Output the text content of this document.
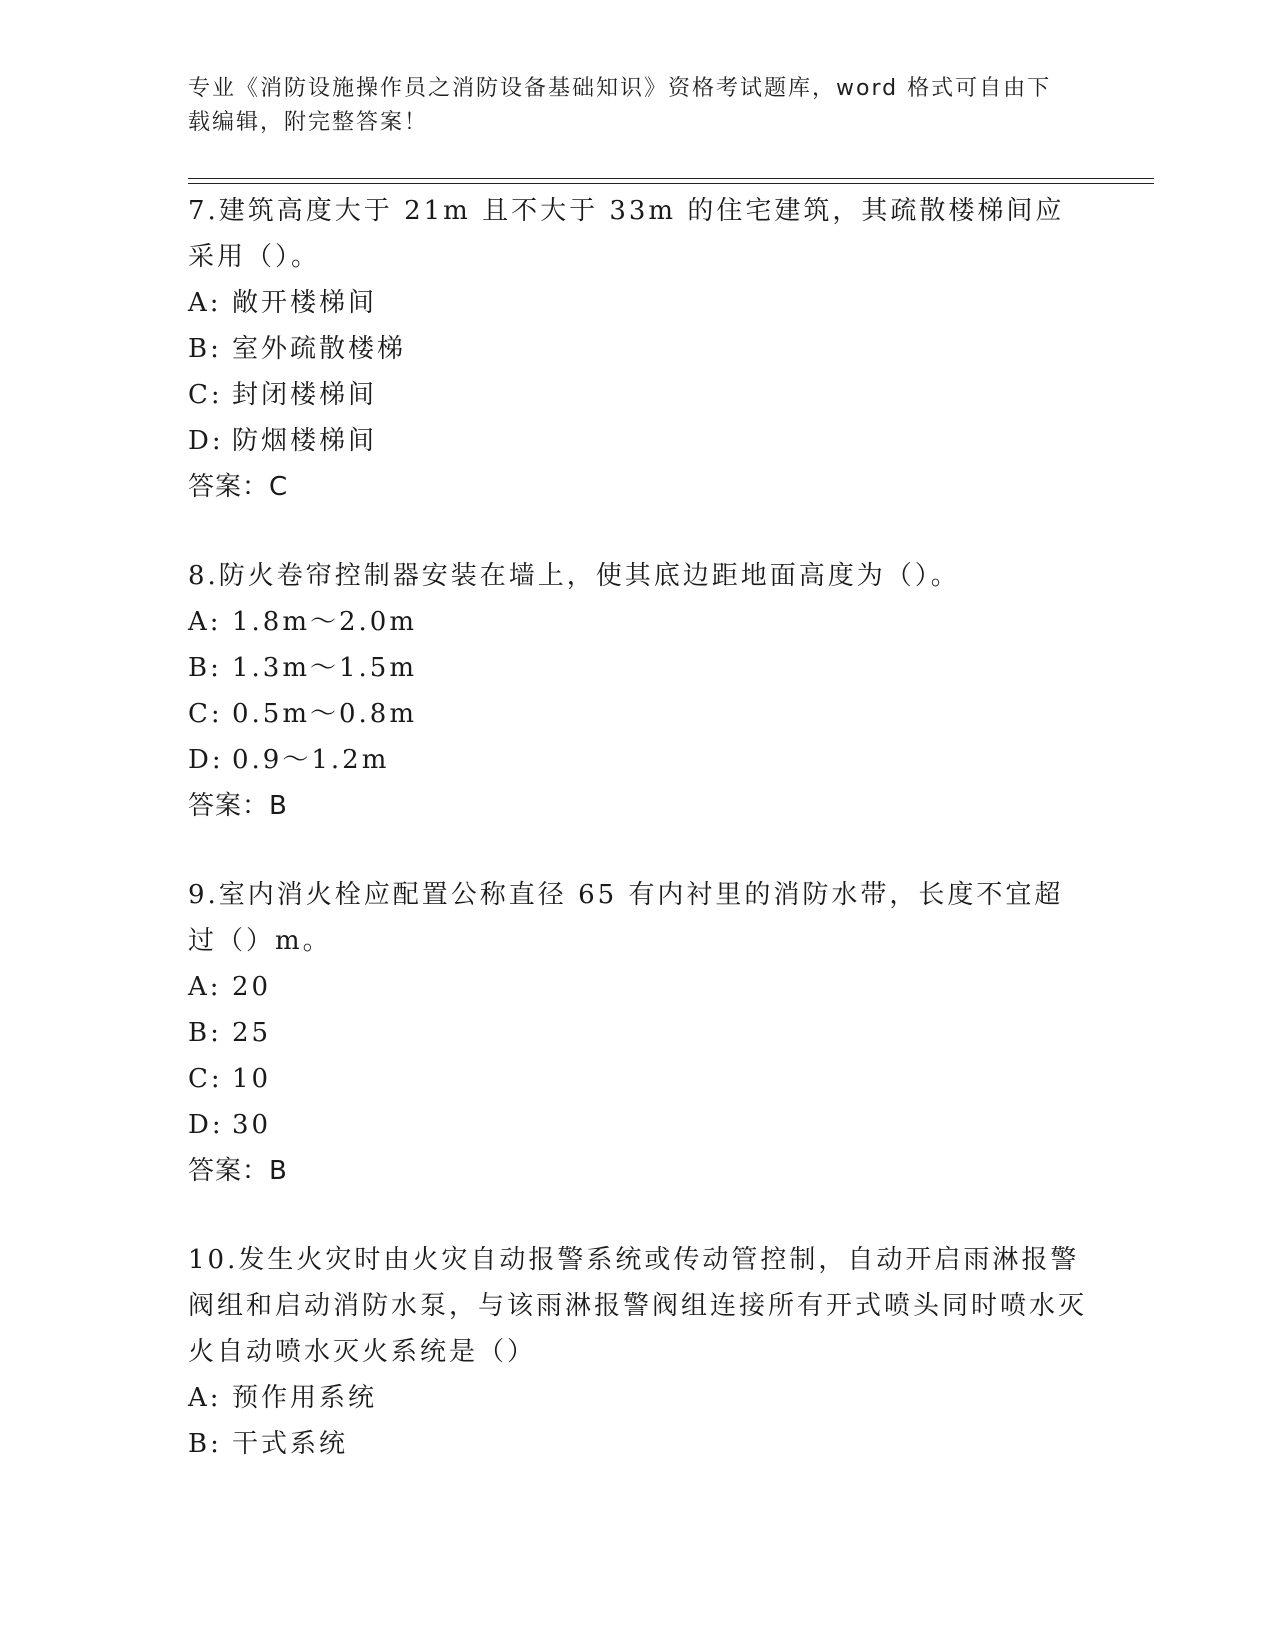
专业《消防设施操作员之消防设备基础知识》资格考试题库，word 格式可自由下载编辑，附完整答案！

7.建筑高度大于 21m 且不大于 33m 的住宅建筑，其疏散楼梯间应采用（）。

A: 敞开楼梯间

B: 室外疏散楼梯

C: 封闭楼梯间

D: 防烟楼梯间

答案：C

8.防火卷帘控制器安装在墙上，使其底边距地面高度为（）。

A: 1.8m～2.0m

B: 1.3m～1.5m

C: 0.5m～0.8m

D: 0.9～1.2m

答案：B

9.室内消火栓应配置公称直径 65 有内衬里的消防水带，长度不宜超过（）m。

A: 20

B: 25

C: 10

D: 30

答案：B

10.发生火灾时由火灾自动报警系统或传动管控制，自动开启雨淋报警阀组和启动消防水泵，与该雨淋报警阀组连接所有开式喷头同时喷水灭火自动喷水灭火系统是（）

A: 预作用系统

B: 干式系统
